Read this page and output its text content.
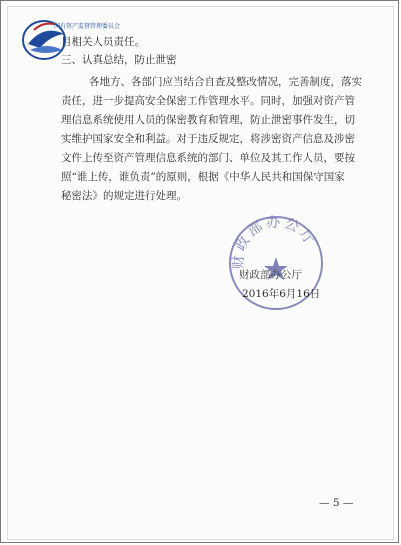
国有资产监督管理委员会
目相关人员责任。
三、认真总结，防止泄密
各地方、各部门应当结合自查及整改情况，完善制度，落实
责任，进一步提高安全保密工作管理水平。同时，加强对资产管
理信息系统使用人员的保密教育和管理，防止泄密事件发生，切
实维护国家安全和利益。对于违反规定，将涉密资产信息及涉密
文件上传至资产管理信息系统的部门、单位及其工作人员，要按
照“谁上传，谁负责”的原则，根据《中华人民共和国保守国家
秘密法》的规定进行处理。
财政部办公厅
财政部办公厅
2016年6月16日
— 5 —
